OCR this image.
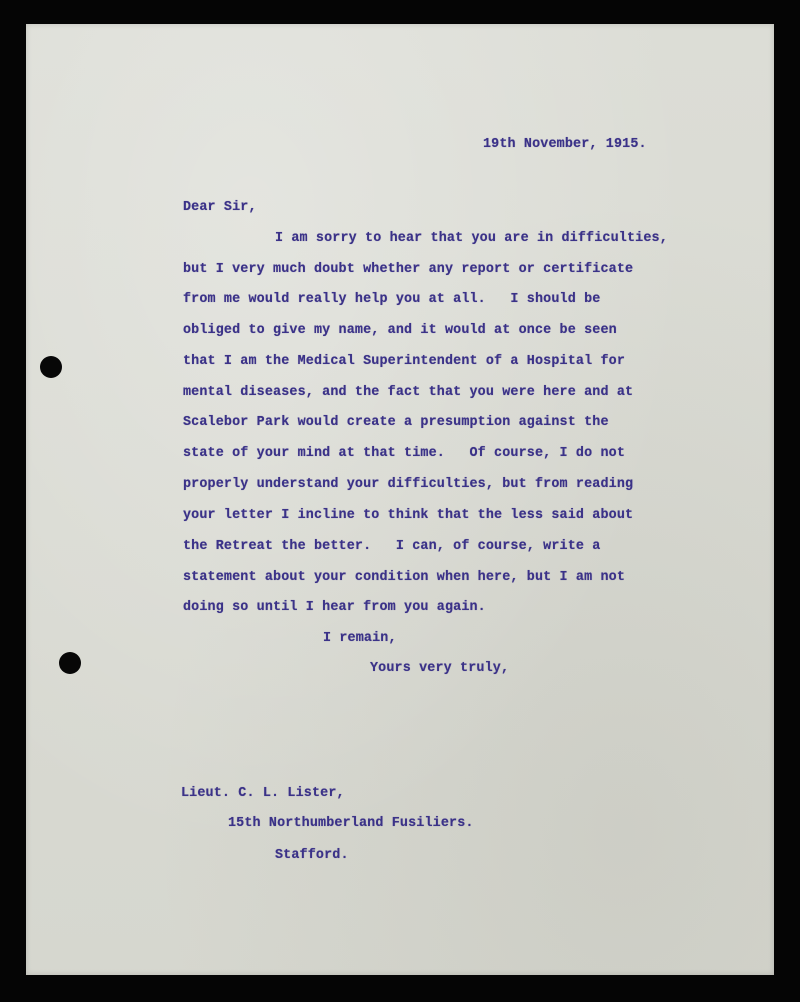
19th November, 1915.
Dear Sir,
I am sorry to hear that you are in difficulties,
but I very much doubt whether any report or certificate
from me would really help you at all.   I should be
obliged to give my name, and it would at once be seen
that I am the Medical Superintendent of a Hospital for
mental diseases, and the fact that you were here and at
Scalebor Park would create a presumption against the
state of your mind at that time.   Of course, I do not
properly understand your difficulties, but from reading
your letter I incline to think that the less said about
the Retreat the better.   I can, of course, write a
statement about your condition when here, but I am not
doing so until I hear from you again.
I remain,
Yours very truly,
Lieut. C. L. Lister,
15th Northumberland Fusiliers.
Stafford.
